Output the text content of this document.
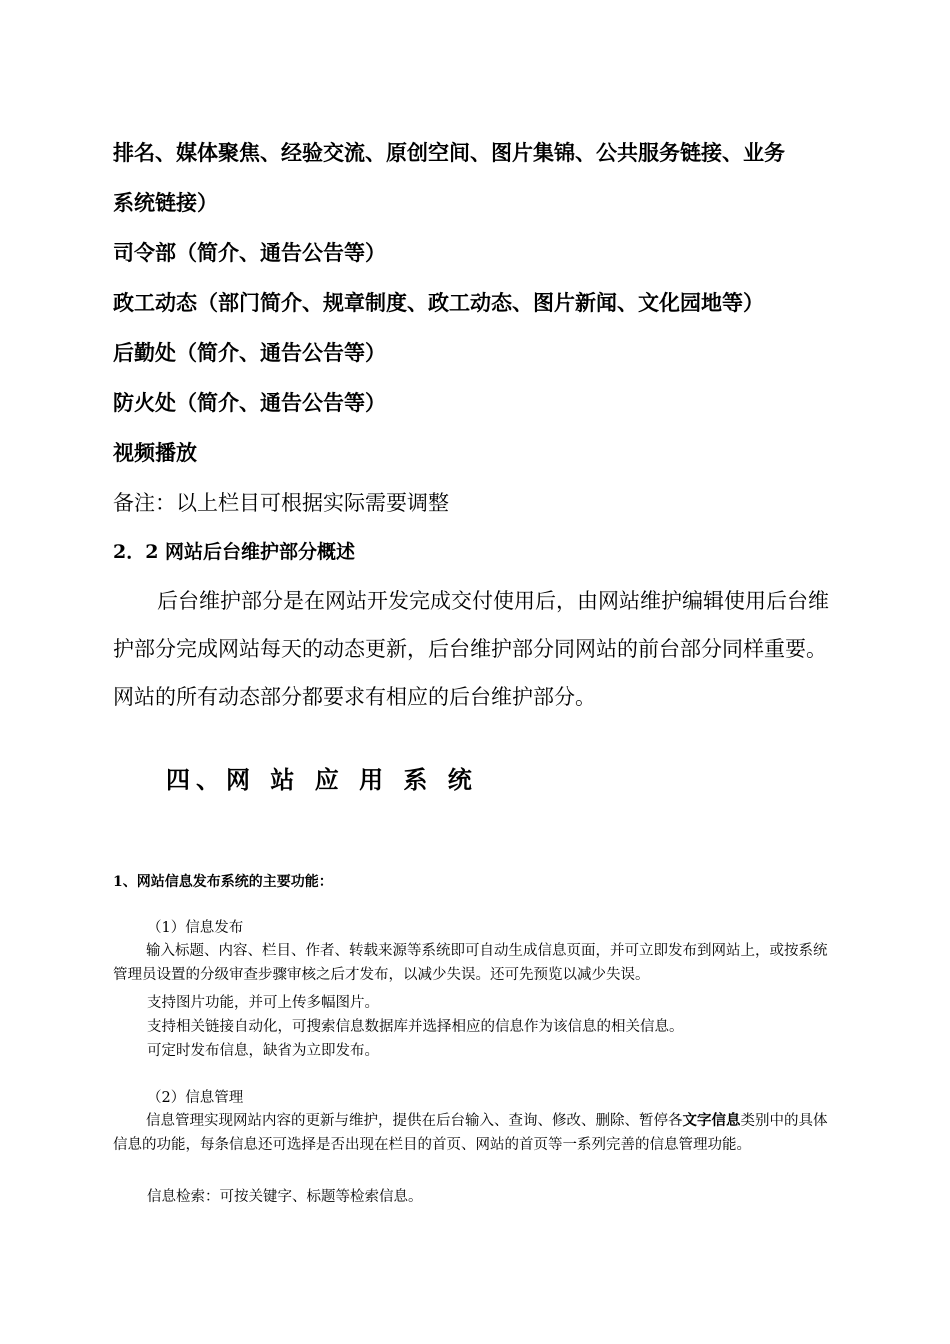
排名、媒体聚焦、经验交流、原创空间、图片集锦、公共服务链接、业务
系统链接）
司令部（简介、通告公告等）
政工动态（部门简介、规章制度、政工动态、图片新闻、文化园地等）
后勤处（简介、通告公告等）
防火处（简介、通告公告等）
视频播放
备注：以上栏目可根据实际需要调整
2．2 网站后台维护部分概述
后台维护部分是在网站开发完成交付使用后，由网站维护编辑使用后台维护部分完成网站每天的动态更新，后台维护部分同网站的前台部分同样重要。网站的所有动态部分都要求有相应的后台维护部分。
四、网 站 应 用 系 统
1、网站信息发布系统的主要功能：
（1）信息发布
输入标题、内容、栏目、作者、转载来源等系统即可自动生成信息页面，并可立即发布到网站上，或按系统管理员设置的分级审查步骤审核之后才发布，以减少失误。还可先预览以减少失误。
支持图片功能，并可上传多幅图片。
支持相关链接自动化，可搜索信息数据库并选择相应的信息作为该信息的相关信息。
可定时发布信息，缺省为立即发布。
（2）信息管理
信息管理实现网站内容的更新与维护，提供在后台输入、查询、修改、删除、暂停各文字信息类别中的具体信息的功能，每条信息还可选择是否出现在栏目的首页、网站的首页等一系列完善的信息管理功能。
信息检索：可按关键字、标题等检索信息。
